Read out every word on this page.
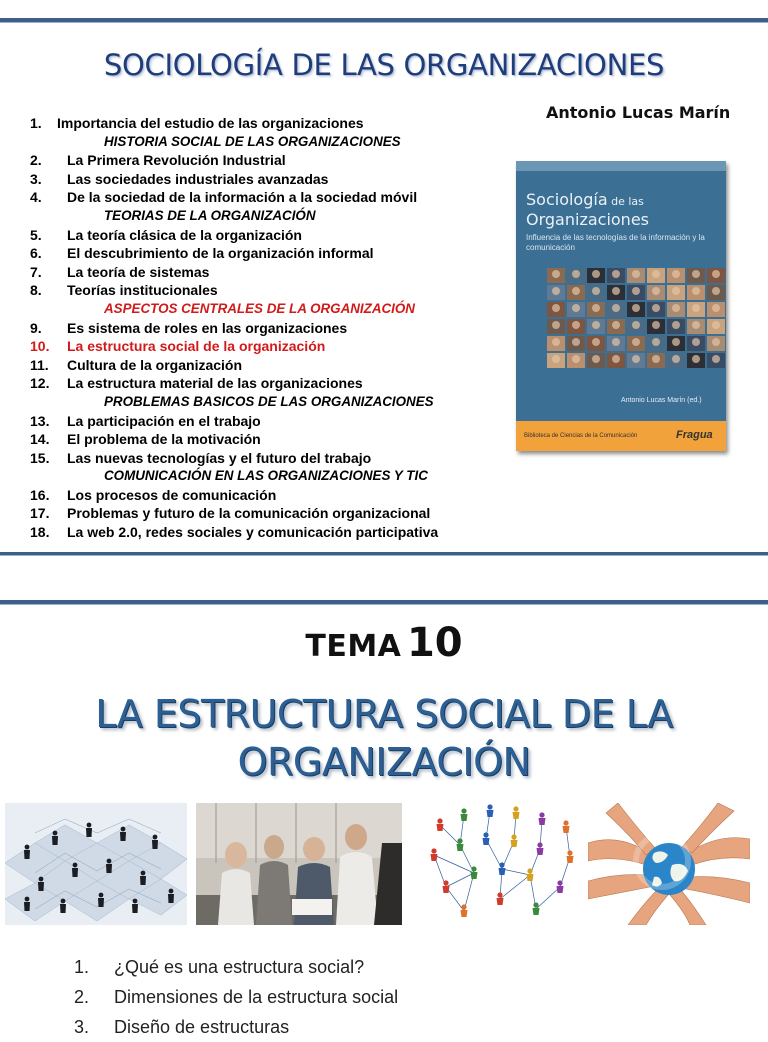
SOCIOLOGÍA DE LAS ORGANIZACIONES
Antonio Lucas Marín
1. Importancia del estudio de las organizaciones
HISTORIA SOCIAL DE LAS ORGANIZACIONES
2. La Primera Revolución Industrial
3. Las sociedades industriales avanzadas
4. De la sociedad de la información a la sociedad móvil
TEORIAS DE LA ORGANIZACIÓN
5. La teoría clásica de la organización
6. El descubrimiento de la organización informal
7. La teoría de sistemas
8. Teorías institucionales
ASPECTOS CENTRALES DE LA ORGANIZACIÓN
9. Es sistema de roles en las organizaciones
10. La estructura social de la organización
11. Cultura de la organización
12. La estructura material de las organizaciones
PROBLEMAS BASICOS DE LAS ORGANIZACIONES
13. La participación en el trabajo
14. El problema de la motivación
15. Las nuevas tecnologías y el futuro del trabajo
COMUNICACIÓN EN LAS ORGANIZACIONES Y TIC
16. Los procesos de comunicación
17. Problemas y futuro de la comunicación organizacional
18. La web 2.0, redes sociales y comunicación participativa
Sociología de las
Organizaciones
Influencia de las tecnologías de la información y la comunicación
Antonio Lucas Marín (ed.)
Biblioteca de Ciencias de la Comunicación	Fragua
TEMA 10
LA ESTRUCTURA SOCIAL DE LA
ORGANIZACIÓN
1. ¿Qué es una estructura social?
2. Dimensiones de la estructura social
3. Diseño de estructuras
